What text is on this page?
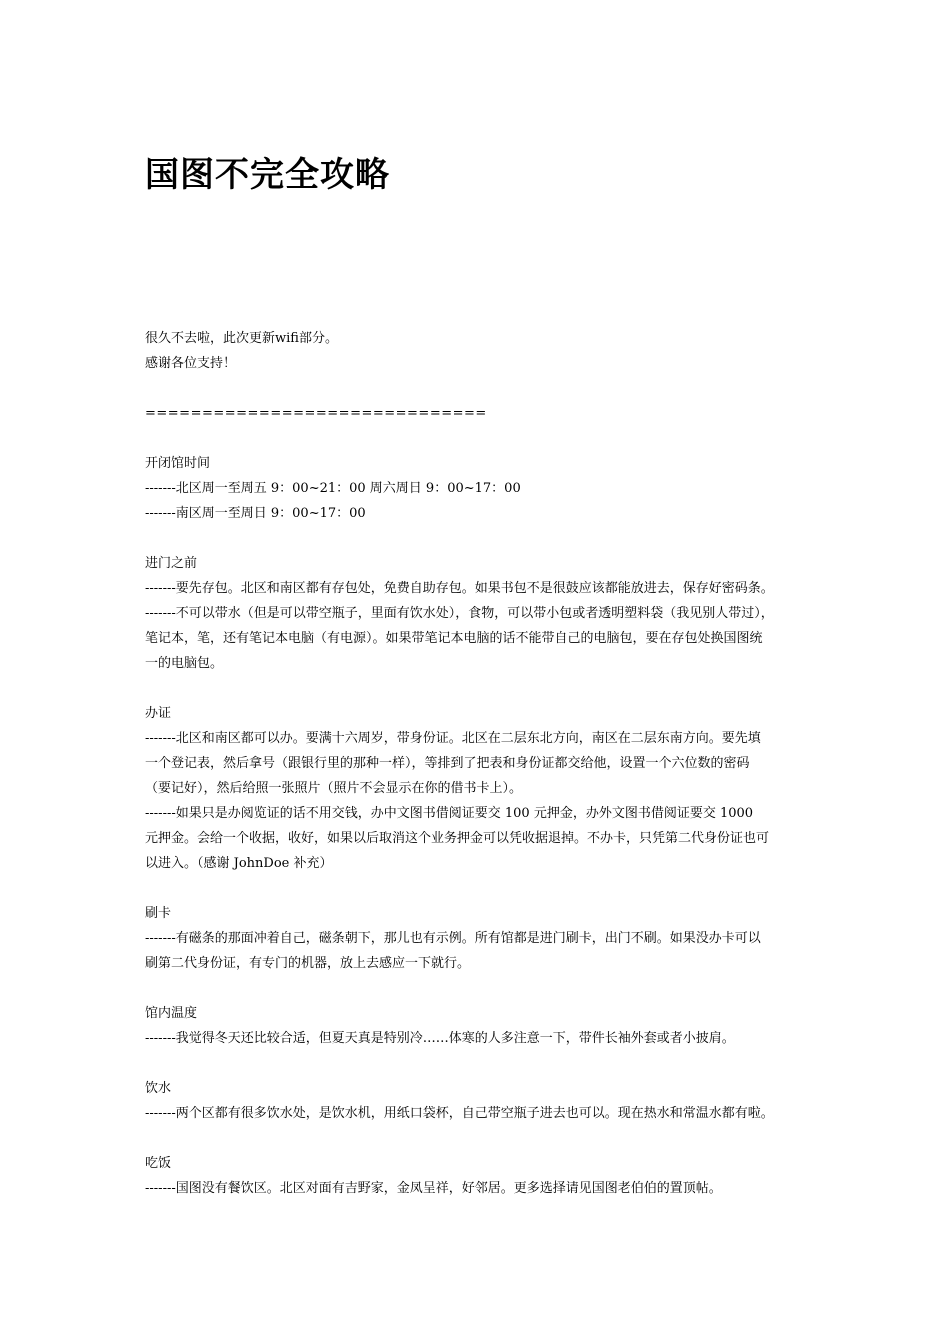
国图不完全攻略
很久不去啦，此次更新wifi部分。
感谢各位支持！
==============================
开闭馆时间
-------北区周一至周五 9：00~21：00 周六周日 9：00~17：00
-------南区周一至周日 9：00~17：00
进门之前
-------要先存包。北区和南区都有存包处，免费自助存包。如果书包不是很鼓应该都能放进去，保存好密码条。
-------不可以带水（但是可以带空瓶子，里面有饮水处），食物，可以带小包或者透明塑料袋（我见别人带过），
笔记本，笔，还有笔记本电脑（有电源）。如果带笔记本电脑的话不能带自己的电脑包，要在存包处换国图统
一的电脑包。
办证
-------北区和南区都可以办。要满十六周岁，带身份证。北区在二层东北方向，南区在二层东南方向。要先填
一个登记表，然后拿号（跟银行里的那种一样），等排到了把表和身份证都交给他，设置一个六位数的密码
（要记好），然后给照一张照片（照片不会显示在你的借书卡上）。
-------如果只是办阅览证的话不用交钱，办中文图书借阅证要交 100 元押金，办外文图书借阅证要交 1000
元押金。会给一个收据，收好，如果以后取消这个业务押金可以凭收据退掉。不办卡，只凭第二代身份证也可
以进入。（感谢 JohnDoe 补充）
刷卡
-------有磁条的那面冲着自己，磁条朝下，那儿也有示例。所有馆都是进门刷卡，出门不刷。如果没办卡可以
刷第二代身份证，有专门的机器，放上去感应一下就行。
馆内温度
-------我觉得冬天还比较合适，但夏天真是特别冷……体寒的人多注意一下，带件长袖外套或者小披肩。
饮水
-------两个区都有很多饮水处，是饮水机，用纸口袋杯，自己带空瓶子进去也可以。现在热水和常温水都有啦。
吃饭
-------国图没有餐饮区。北区对面有吉野家，金凤呈祥，好邻居。更多选择请见国图老伯伯的置顶帖。
